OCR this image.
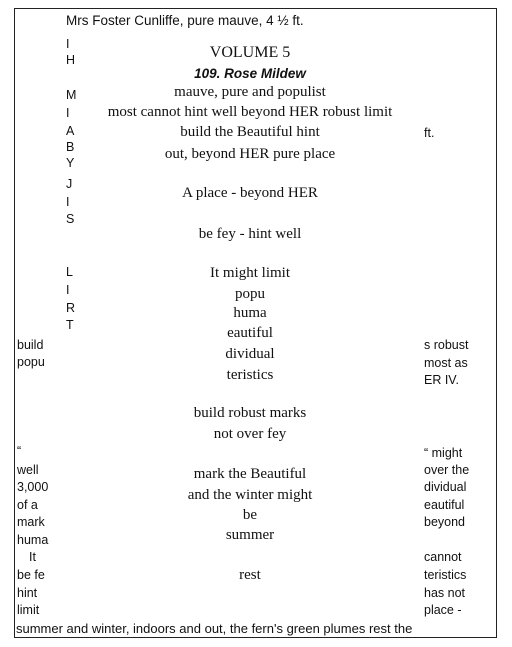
Mrs Foster Cunliffe, pure mauve, 4 ½ ft.
I
H
M
I
A
B
Y
J
I
S
L
I
R
T
VOLUME 5
109. Rose Mildew
mauve, pure and populist
most cannot hint well beyond HER robust limit
build the Beautiful hint
out, beyond HER pure place
A place - beyond HER
be fey - hint well
It might limit
popu
huma
eautiful
dividual
teristics
build robust marks
not over fey
mark the Beautiful
and the winter might
be
summer
rest
ft.
s robust
most as
ER IV.
“ might
over the
dividual
eautiful
beyond
cannot
teristics
has not
place -
build
popu
“
well
3,000
of a
mark
huma
It
be fe
hint
limit
summer and winter, indoors and out, the fern's green plumes rest the
